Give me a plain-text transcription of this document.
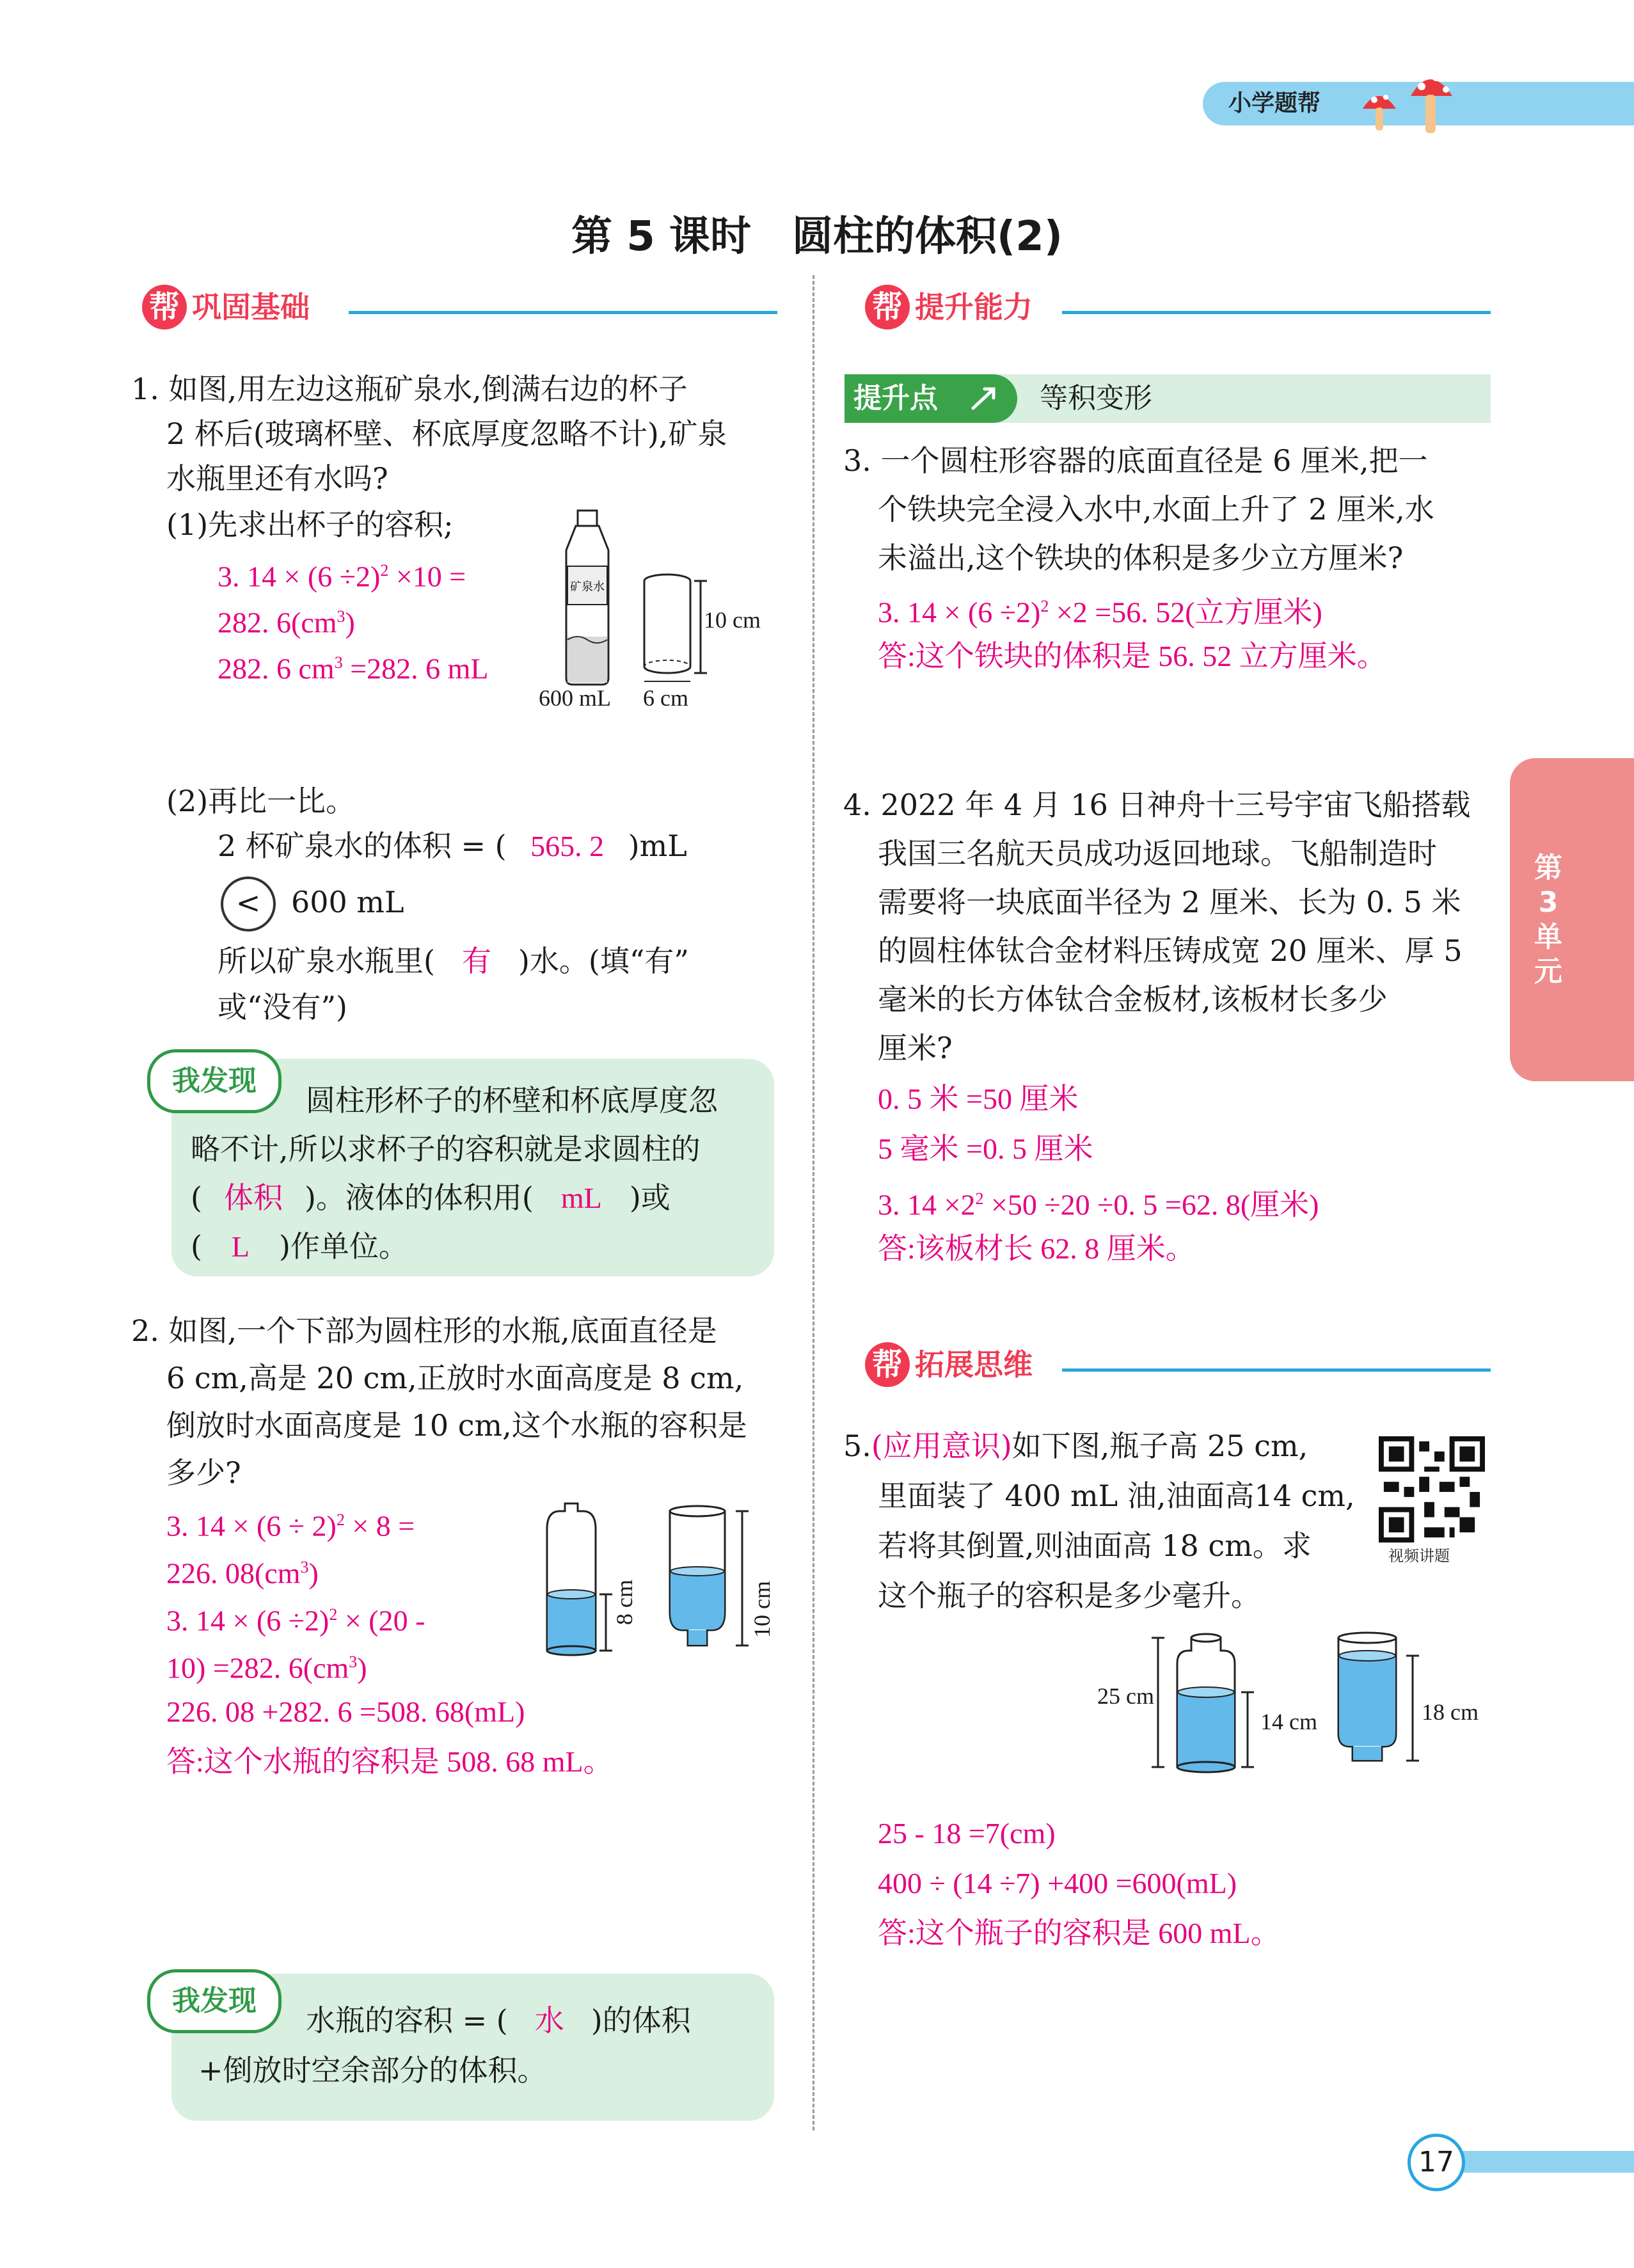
小学题帮
第 5 课时　圆柱的体积(2)
帮 巩固基础
1. 如图,用左边这瓶矿泉水,倒满右边的杯子
2 杯后(玻璃杯壁、杯底厚度忽略不计),矿泉
水瓶里还有水吗?
(1)先求出杯子的容积;
3. $14 \times (6 \div 2)^2 \times 10$ =
282. $6(cm^3)$
282. 6 $cm^3 =282$. 6 mL
矿泉水
10 cm
600 mL 6 cm
(2)再比一比。
2 杯矿泉水的体积 = ( 565. 2 )mL
<	600 mL
所以矿泉水瓶里( 有 )水。(填“有”
或“没有”)
我发现
圆柱形杯子的杯壁和杯底厚度忽
略不计,所以求杯子的容积就是求圆柱的
( 体积 )。液体的体积用( mL )或
( L )作单位。
2. 如图,一个下部为圆柱形的水瓶,底面直径是
6 cm,高是 20 cm,正放时水面高度是 8 cm,
倒放时水面高度是 10 cm,这个水瓶的容积是
多少?
3. $14 \times (6 \div 2)^2 \times 8$ =
226. $08(cm^3)$
3. $14 \times (6 \div 2)^2 \times (20$ -
10) =282. $6(cm^3)$
226. 08 +282. 6 =508. 68(mL)
答:这个水瓶的容积是 508. 68 mL。
8 cm	10 cm
我发现
水瓶的容积 = ( 水 )的体积
+倒放时空余部分的体积。
帮 提升能力
提升点	等积变形
3. 一个圆柱形容器的底面直径是 6 厘米,把一
个铁块完全浸入水中,水面上升了 2 厘米,水
未溢出,这个铁块的体积是多少立方厘米?
3. $14 \times (6 \div 2)^2 \times 2 =56$. 52(立方厘米)
答:这个铁块的体积是 56. 52 立方厘米。
4. 2022 年 4 月 16 日神舟十三号宇宙飞船搭载
我国三名航天员成功返回地球。飞船制造时
需要将一块底面半径为 2 厘米、长为 0. 5 米
的圆柱体钛合金材料压铸成宽 20 厘米、厚 5
毫米的长方体钛合金板材,该板材长多少
厘米?
0. 5 米 =50 厘米
5 毫米 =0. 5 厘米
3. $14 \times 2^2 \times 50 \div 20 \div 0$. 5 =62. 8(厘米)
答:该板材长 62. 8 厘米。
帮 拓展思维
5.(应用意识)如下图,瓶子高 25 cm,
里面装了 400 mL 油,油面高14 cm,
若将其倒置,则油面高 18 cm。求
这个瓶子的容积是多少毫升。
视频讲题
25 cm
14 cm	18 cm
25 - 18 =7(cm)
400 ÷ (14 ÷7) +400 =600(mL)
答:这个瓶子的容积是 600 mL。
第3单元
17
